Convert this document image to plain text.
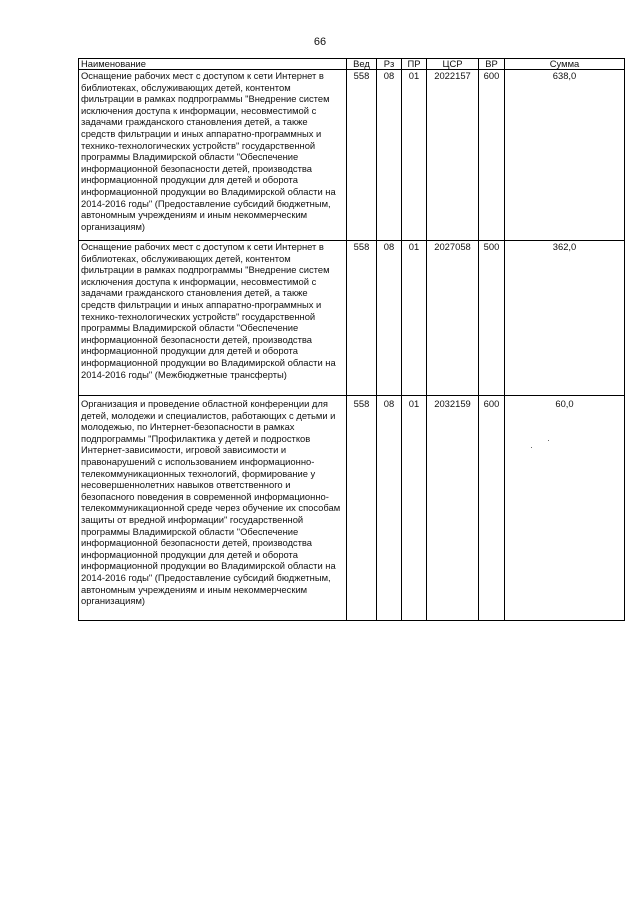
66
Наименование	Вед	Рз	ПР	ЦСР	ВР	Сумма
Оснащение рабочих мест с доступом к сети Интернет в библиотеках, обслуживающих детей, контентом фильтрации в рамках подпрограммы "Внедрение систем исключения доступа к информации, несовместимой с задачами гражданского становления детей, а также средств фильтрации и иных аппаратно-программных и технико-технологических устройств" государственной программы Владимирской области "Обеспечение информационной безопасности детей, производства информационной продукции для детей и оборота информационной продукции во Владимирской области на 2014-2016 годы" (Предоставление субсидий бюджетным, автономным учреждениям и иным некоммерческим организациям)	558	08	01	2022157	600	638,0
Оснащение рабочих мест с доступом к сети Интернет в библиотеках, обслуживающих детей, контентом фильтрации в рамках подпрограммы "Внедрение систем исключения доступа к информации, несовместимой с задачами гражданского становления детей, а также средств фильтрации и иных аппаратно-программных и технико-технологических устройств" государственной программы Владимирской области "Обеспечение информационной безопасности детей, производства информационной продукции для детей и оборота информационной продукции во Владимирской области на 2014-2016 годы" (Межбюджетные трансферты)	558	08	01	2027058	500	362,0
Организация и проведение областной конференции для детей, молодежи и специалистов, работающих с детьми и молодежью, по Интернет-безопасности в рамках подпрограммы "Профилактика у детей и подростков Интернет-зависимости, игровой зависимости и правонарушений с использованием информационно-телекоммуникационных технологий, формирование у несовершеннолетних навыков ответственного и безопасного поведения в современной информационно-телекоммуникационной среде через обучение их способам защиты от вредной информации" государственной программы Владимирской области "Обеспечение информационной безопасности детей, производства информационной продукции для детей и оборота информационной продукции во Владимирской области на 2014-2016 годы" (Предоставление субсидий бюджетным, автономным учреждениям и иным некоммерческим организациям)	558	08	01	2032159	600	60,0
